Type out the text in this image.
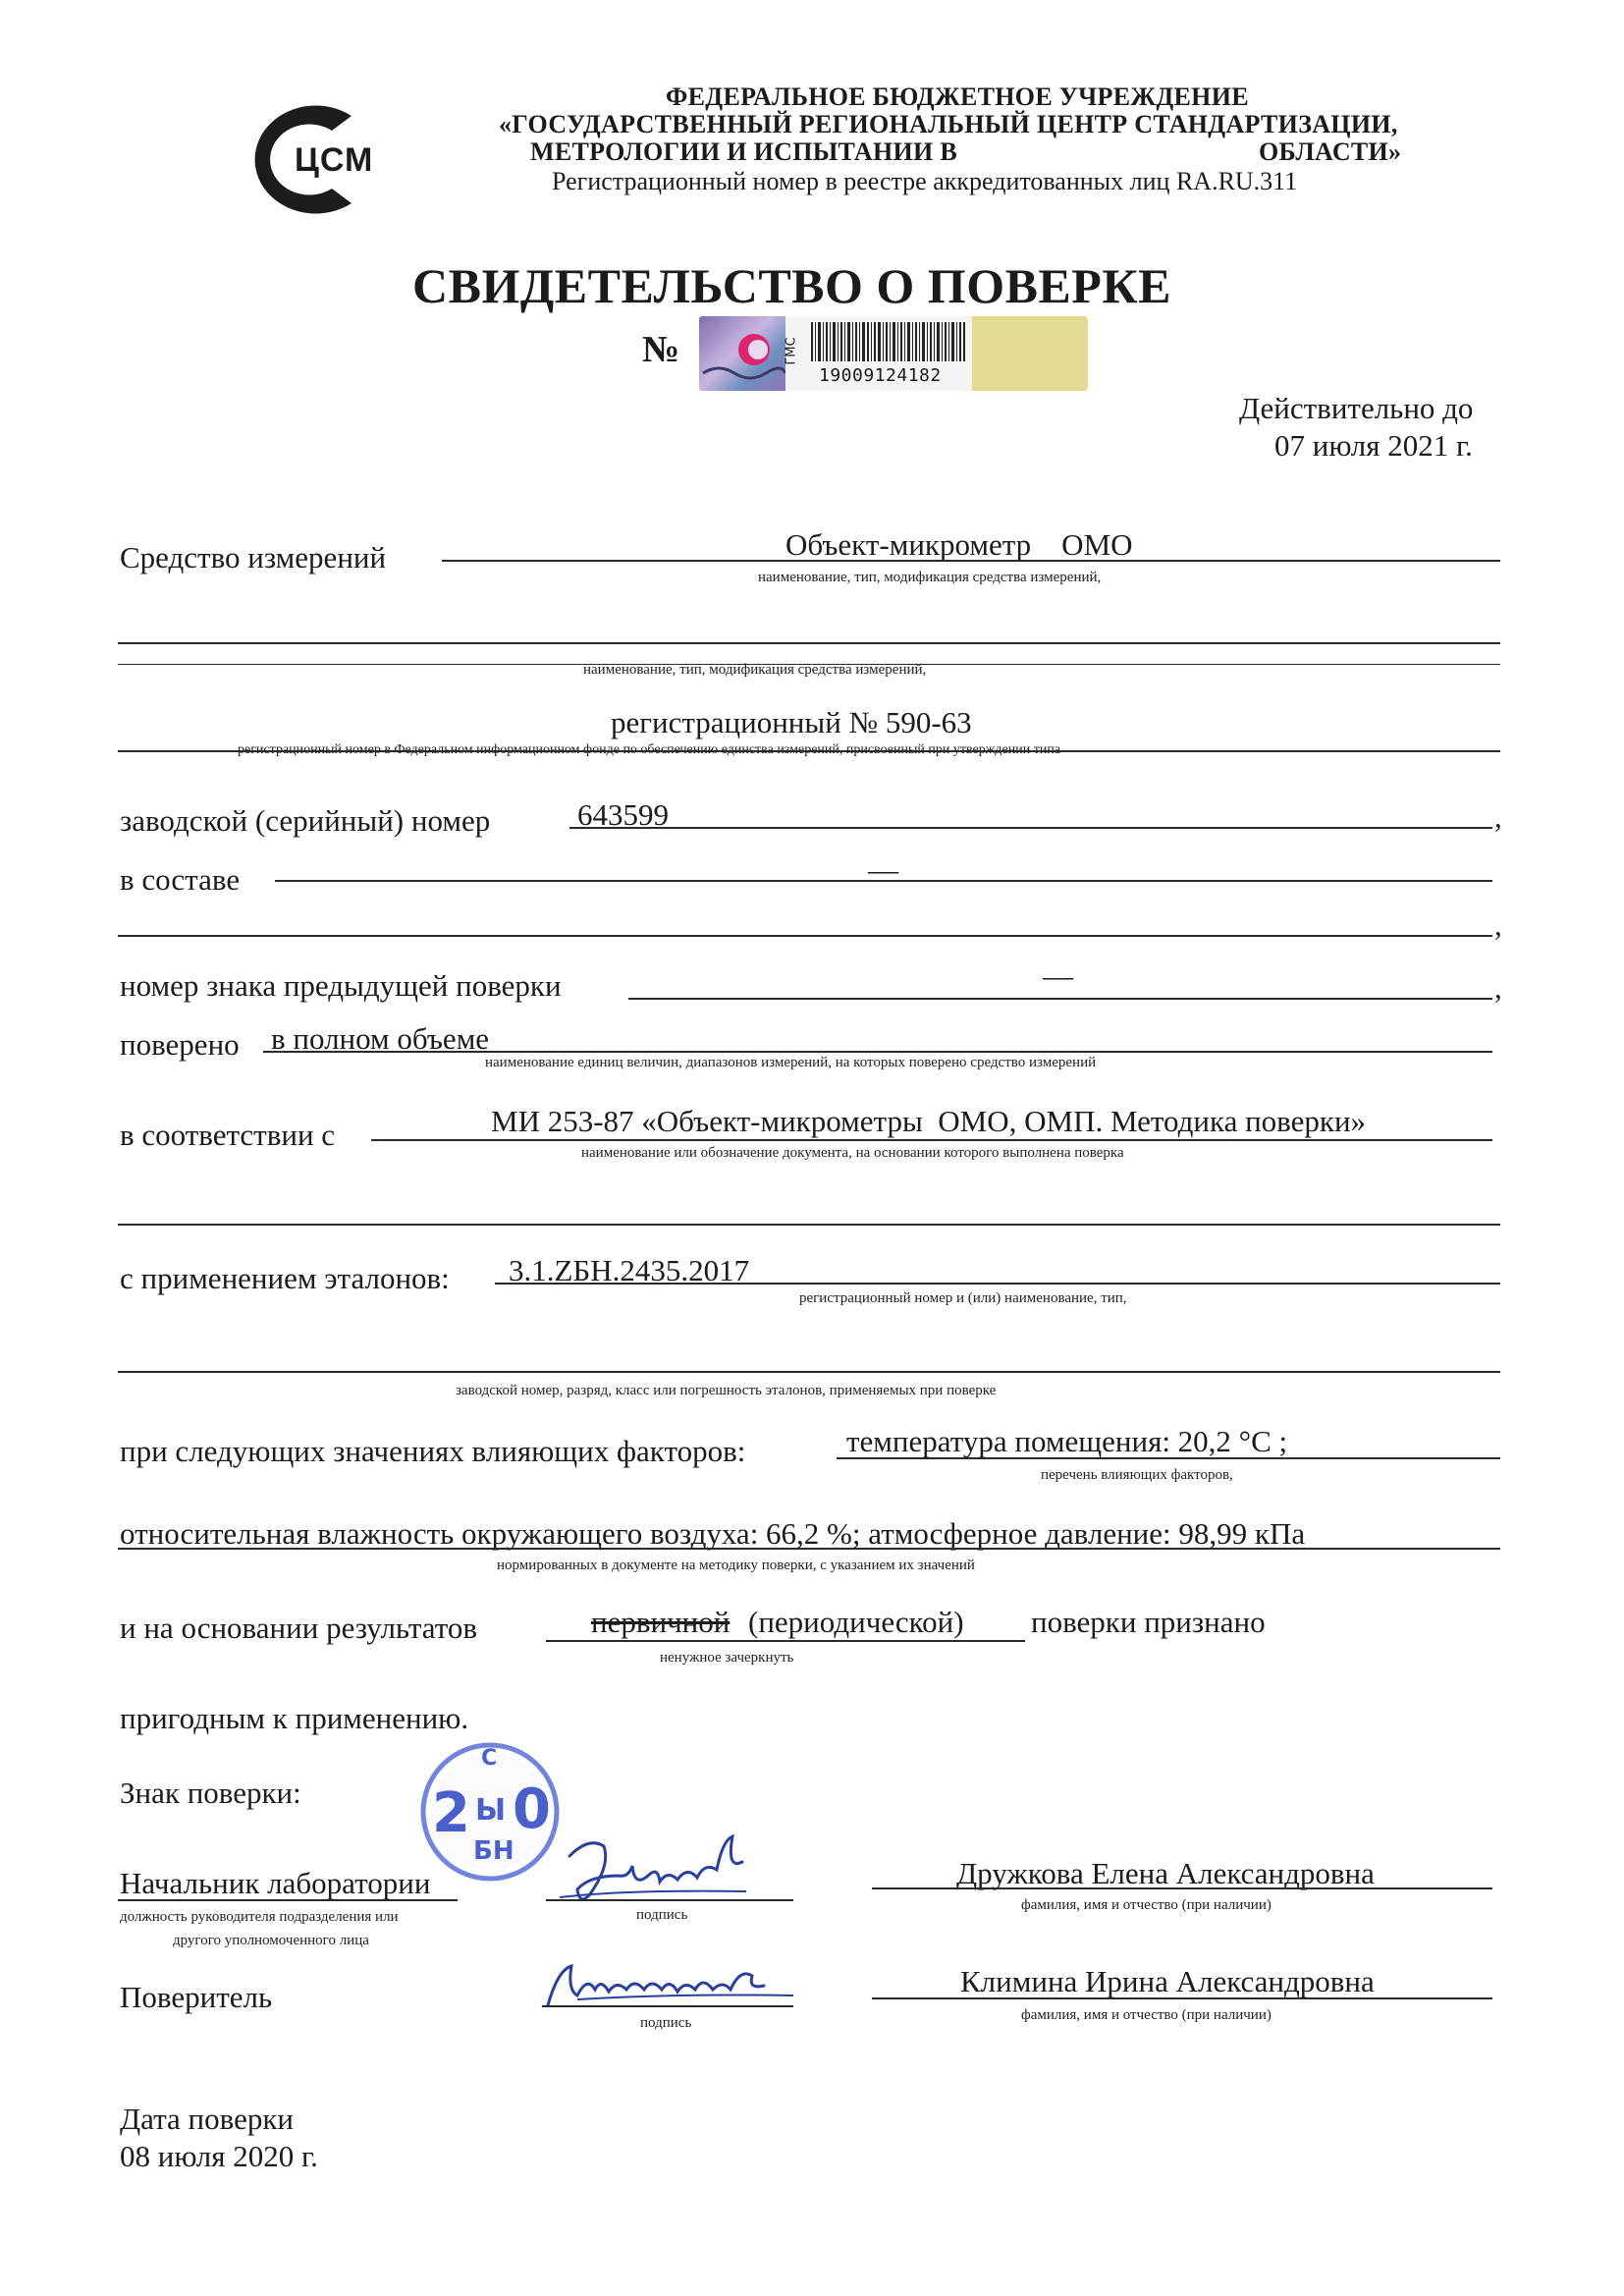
ЦСМ
ФЕДЕРАЛЬНОЕ БЮДЖЕТНОЕ УЧРЕЖДЕНИЕ
«ГОСУДАРСТВЕННЫЙ РЕГИОНАЛЬНЫЙ ЦЕНТР СТАНДАРТИЗАЦИИ,
МЕТРОЛОГИИ И ИСПЫТАНИИ В	ОБЛАСТИ»
Регистрационный номер в реестре аккредитованных лиц RA.RU.311
СВИДЕТЕЛЬСТВО О ПОВЕРКЕ
№	ГМС
19009124182
Действительно до
07 июля 2021 г.
Средство измерений	Объект-микрометр    ОМО
наименование, тип, модификация средства измерений,
наименование, тип, модификация средства измерений,
регистрационный № 590-63
регистрационный номер в Федеральном информационном фонде по обеспечению единства измерений, присвоенный при утверждении типа
заводской (серийный) номер	643599	,
в составе	—
,
номер знака предыдущей поверки	—	,
поверено в полном объеме
наименование единиц величин, диапазонов измерений, на которых поверено средство измерений
в соответствии с	МИ 253-87 «Объект-микрометры  ОМО, ОМП. Методика поверки»
наименование или обозначение документа, на основании которого выполнена поверка
с применением эталонов: 3.1.ZБН.2435.2017
регистрационный номер и (или) наименование, тип,
заводской номер, разряд, класс или погрешность эталонов, применяемых при поверке
при следующих значениях влияющих факторов:	температура помещения: 20,2 °С ;
перечень влияющих факторов,
относительная влажность окружающего воздуха: 66,2 %; атмосферное давление: 98,99 кПа
нормированных в документе на методику поверки, с указанием их значений
и на основании результатов	первичной (периодической) поверки признано
ненужное зачеркнуть
пригодным к применению.
Знак поверки:
С
2 Ы 0
БН
Начальник лаборатории
должность руководителя подразделения или
другого уполномоченного лица
подпись
Дружкова Елена Александровна
фамилия, имя и отчество (при наличии)
Поверитель
подпись
Климина Ирина Александровна
фамилия, имя и отчество (при наличии)
Дата поверки
08 июля 2020 г.
